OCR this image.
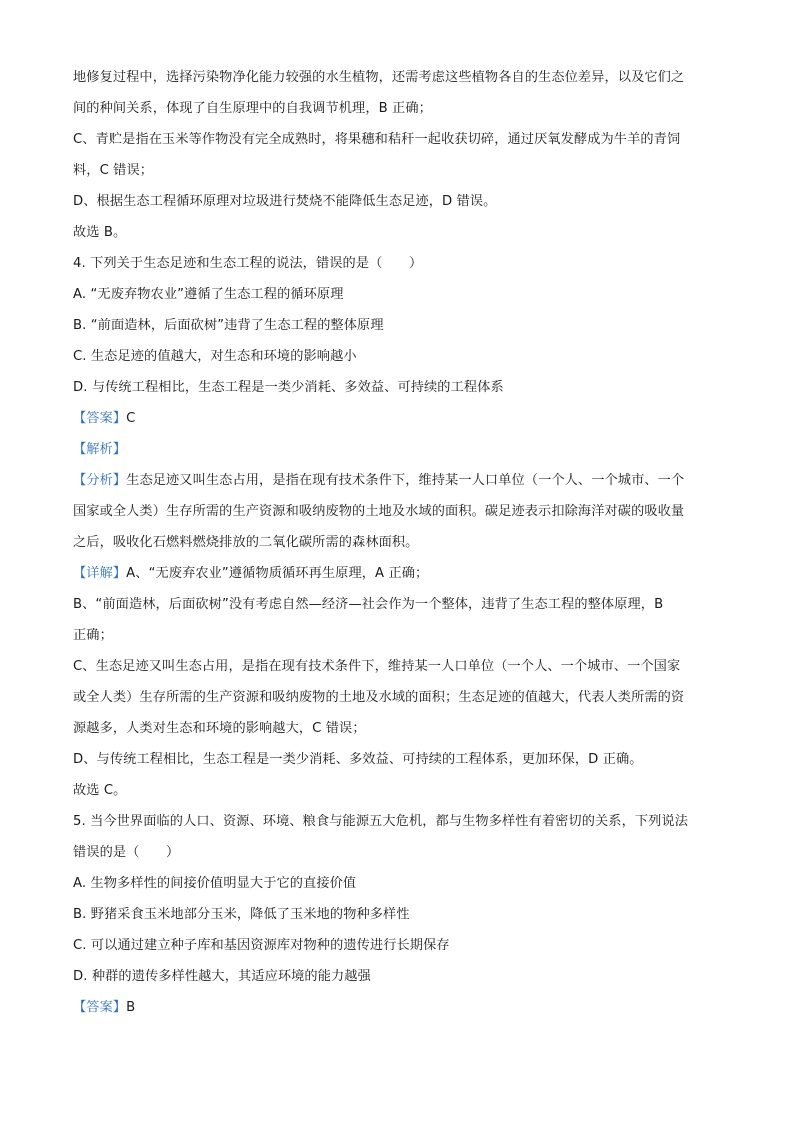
地修复过程中，选择污染物净化能力较强的水生植物，还需考虑这些植物各自的生态位差异，以及它们之
间的种间关系，体现了自生原理中的自我调节机理，B 正确；
C、青贮是指在玉米等作物没有完全成熟时，将果穗和秸秆一起收获切碎，通过厌氧发酵成为牛羊的青饲
料，C 错误；
D、根据生态工程循环原理对垃圾进行焚烧不能降低生态足迹，D 错误。
故选 B。
4. 下列关于生态足迹和生态工程的说法，错误的是（　　）
A. “无废弃物农业”遵循了生态工程的循环原理
B. “前面造林，后面砍树”违背了生态工程的整体原理
C. 生态足迹的值越大，对生态和环境的影响越小
D. 与传统工程相比，生态工程是一类少消耗、多效益、可持续的工程体系
【答案】C
【解析】
【分析】生态足迹又叫生态占用，是指在现有技术条件下，维持某一人口单位（一个人、一个城市、一个
国家或全人类）生存所需的生产资源和吸纳废物的土地及水域的面积。碳足迹表示扣除海洋对碳的吸收量
之后，吸收化石燃料燃烧排放的二氧化碳所需的森林面积。
【详解】A、“无废弃农业”遵循物质循环再生原理，A 正确；
B、“前面造林，后面砍树”没有考虑自然—经济—社会作为一个整体，违背了生态工程的整体原理，B
正确；
C、生态足迹又叫生态占用，是指在现有技术条件下，维持某一人口单位（一个人、一个城市、一个国家
或全人类）生存所需的生产资源和吸纳废物的土地及水域的面积；生态足迹的值越大，代表人类所需的资
源越多，人类对生态和环境的影响越大，C 错误；
D、与传统工程相比，生态工程是一类少消耗、多效益、可持续的工程体系，更加环保，D 正确。
故选 C。
5. 当今世界面临的人口、资源、环境、粮食与能源五大危机，都与生物多样性有着密切的关系，下列说法
错误的是（　　）
A. 生物多样性的间接价值明显大于它的直接价值
B. 野猪采食玉米地部分玉米，降低了玉米地的物种多样性
C. 可以通过建立种子库和基因资源库对物种的遗传进行长期保存
D. 种群的遗传多样性越大，其适应环境的能力越强
【答案】B
